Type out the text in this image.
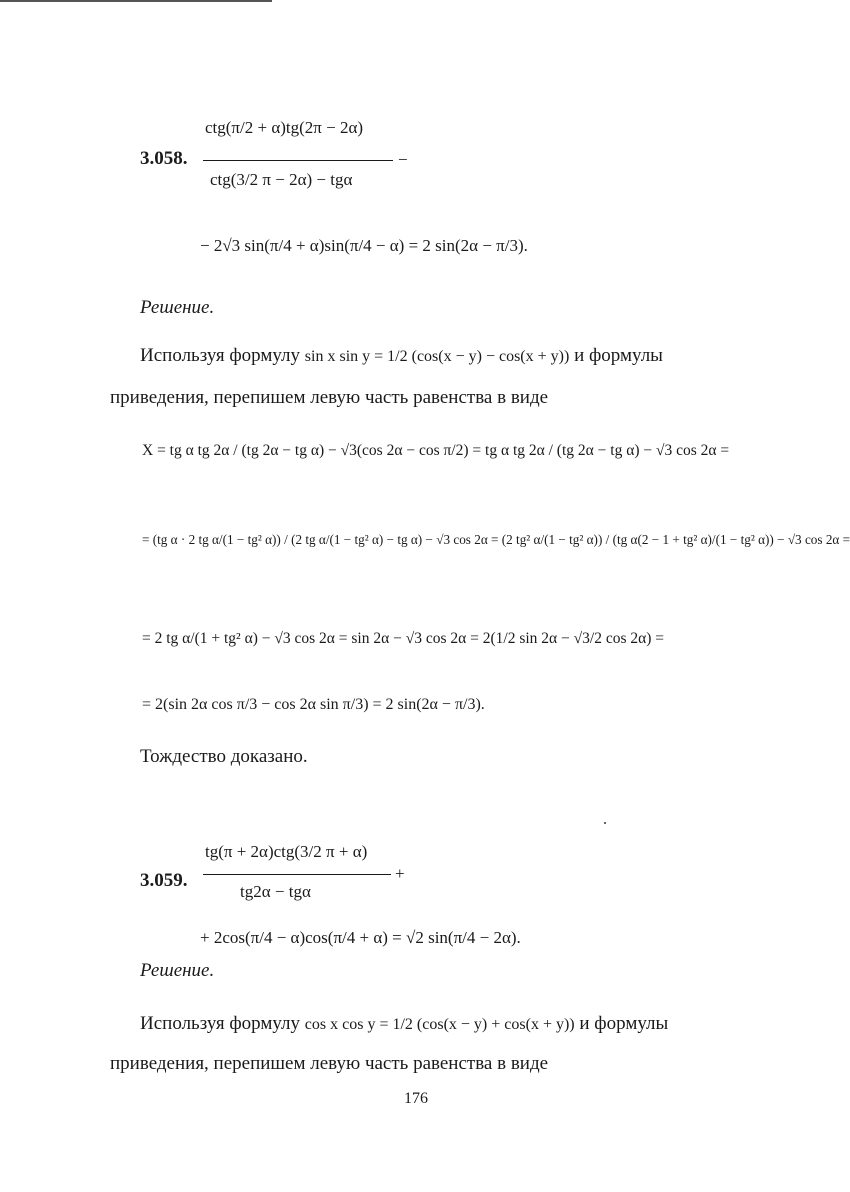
3.058.
ctg(π/2 + α)tg(2π − 2α)
ctg(3/2 π − 2α) − tgα
−
− 2√3 sin(π/4 + α)sin(π/4 − α) = 2 sin(2α − π/3).
Решение.
Используя формулу sin x sin y = 1/2 (cos(x − y) − cos(x + y)) и формулы
приведения, перепишем левую часть равенства в виде
X = tg α tg 2α / (tg 2α − tg α) − √3(cos 2α − cos π/2) = tg α tg 2α / (tg 2α − tg α) − √3 cos 2α =
= (tg α · 2 tg α/(1 − tg² α)) / (2 tg α/(1 − tg² α) − tg α) − √3 cos 2α = (2 tg² α/(1 − tg² α)) / (tg α(2 − 1 + tg² α)/(1 − tg² α)) − √3 cos 2α =
= 2 tg α/(1 + tg² α) − √3 cos 2α = sin 2α − √3 cos 2α = 2(1/2 sin 2α − √3/2 cos 2α) =
= 2(sin 2α cos π/3 − cos 2α sin π/3) = 2 sin(2α − π/3).
Тождество доказано.
3.059.
tg(π + 2α)ctg(3/2 π + α)
tg2α − tgα
+
+ 2cos(π/4 − α)cos(π/4 + α) = √2 sin(π/4 − 2α).
Решение.
Используя формулу cos x cos y = 1/2 (cos(x − y) + cos(x + y)) и формулы
приведения, перепишем левую часть равенства в виде
176
